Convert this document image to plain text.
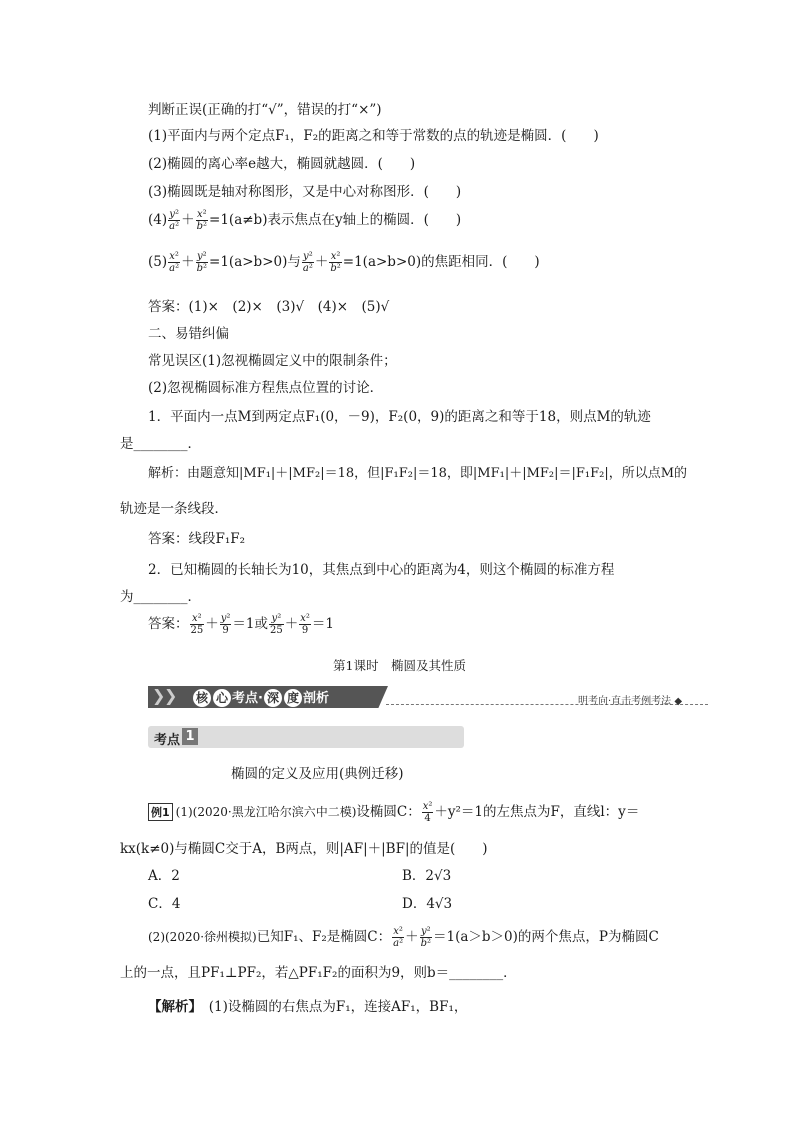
判断正误(正确的打“√”，错误的打“×”)
(1)平面内与两个定点F₁，F₂的距离之和等于常数的点的轨迹是椭圆．(　　)
(2)椭圆的离心率e越大，椭圆就越圆．(　　)
(3)椭圆既是轴对称图形，又是中心对称图形．(　　)
$(4) \frac{\text{y²}}{\text{a²}} + \frac{\text{x²}}{\text{b²}} =1(a\ne b)$表示焦点在y轴上的椭圆．(　　)
$(5) \frac{\text{x²}}{\text{a²}} + \frac{\text{y²}}{\text{b²}} =1(a>b>0)$与 $\frac{\text{y²}}{\text{a²}} + \frac{\text{x²}}{\text{b²}} =1(a>b>0)$的焦距相同．(　　)
答案：(1)×　(2)×　(3)√　(4)×　(5)√
二、易错纠偏
常见误区(1)忽视椭圆定义中的限制条件；
(2)忽视椭圆标准方程焦点位置的讨论．
1．平面内一点M到两定点F₁(0，－9)，F₂(0，9)的距离之和等于18，则点M的轨迹
是________．
解析：由题意知|MF₁|＋|MF₂|＝18，但|F₁F₂|＝18，即|MF₁|＋|MF₂|＝|F₁F₂|，所以点M的
轨迹是一条线段．
答案：线段F₁F₂
2．已知椭圆的长轴长为10，其焦点到中心的距离为4，则这个椭圆的标准方程
为________．
答案： $\frac{\text{x²}}{25} + \frac{\text{y²}}{9} =1$或 $\frac{\text{y²}}{25} + \frac{\text{x²}}{9} =1$
第1课时　椭圆及其性质
❯
❯	核 心 考点· 深 度 剖析	明考向·直击考例考法 ◆
考点 1
椭圆的定义及应用(典例迁移)
例1 (1)(2020·黑龙江哈尔滨六中二模)设椭圆C： $\frac{\text{x²}}{4} +y^2=1$的左焦点为F，直线l：y＝
kx(k≠0)与椭圆C交于A，B两点，则|AF|＋|BF|的值是(　　)
A．2	B．2√3
C．4	D．4√3
(2)(2020·徐州模拟)已知F₁、F₂是椭圆C： $\frac{\text{x²}}{\text{a²}} + \frac{\text{y²}}{\text{b²}} =1(a>b>0)$的两个焦点，P为椭圆C
上的一点，且PF₁⊥PF₂，若△PF₁F₂的面积为9，则b＝________．
【解析】　 (1)设椭圆的右焦点为F₁，连接AF₁，BF₁，
